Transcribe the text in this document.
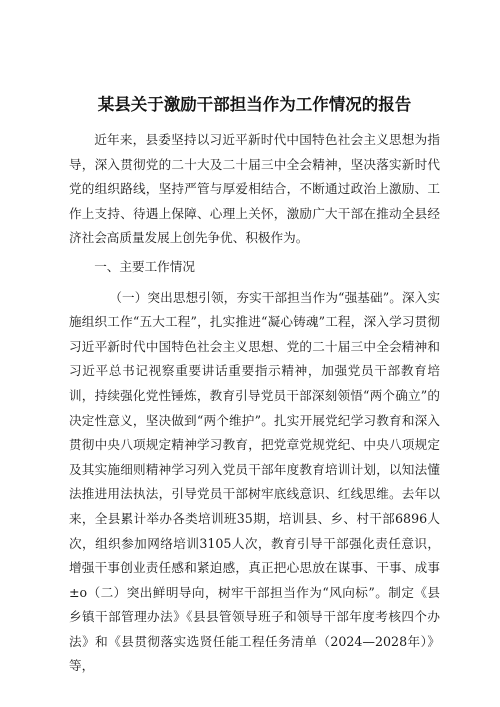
某县关于激励干部担当作为工作情况的报告

近年来，县委坚持以习近平新时代中国特色社会主义思想为指导，深入贯彻党的二十大及二十届三中全会精神，坚决落实新时代党的组织路线，坚持严管与厚爱相结合，不断通过政治上激励、工作上支持、待遇上保障、心理上关怀，激励广大干部在推动全县经济社会高质量发展上创先争优、积极作为。

一、主要工作情况

（一）突出思想引领，夯实干部担当作为“强基础”。深入实施组织工作“五大工程”，扎实推进“凝心铸魂”工程，深入学习贯彻习近平新时代中国特色社会主义思想、党的二十届三中全会精神和习近平总书记视察重要讲话重要指示精神，加强党员干部教育培训，持续强化党性锤炼，教育引导党员干部深刻领悟“两个确立”的决定性意义，坚决做到“两个维护”。扎实开展党纪学习教育和深入贯彻中央八项规定精神学习教育，把党章党规党纪、中央八项规定及其实施细则精神学习列入党员干部年度教育培训计划，以知法懂法推进用法执法，引导党员干部树牢底线意识、红线思维。去年以来，全县累计举办各类培训班35期，培训县、乡、村干部6896人次，组织参加网络培训3105人次，教育引导干部强化责任意识，增强干事创业责任感和紧迫感，真正把心思放在谋事、干事、成事±o（二）突出鲜明导向，树牢干部担当作为“风向标”。制定《县乡镇干部管理办法》《县县管领导班子和领导干部年度考核四个办法》和《县贯彻落实选贤任能工程任务清单（2024—2028年）》等，
